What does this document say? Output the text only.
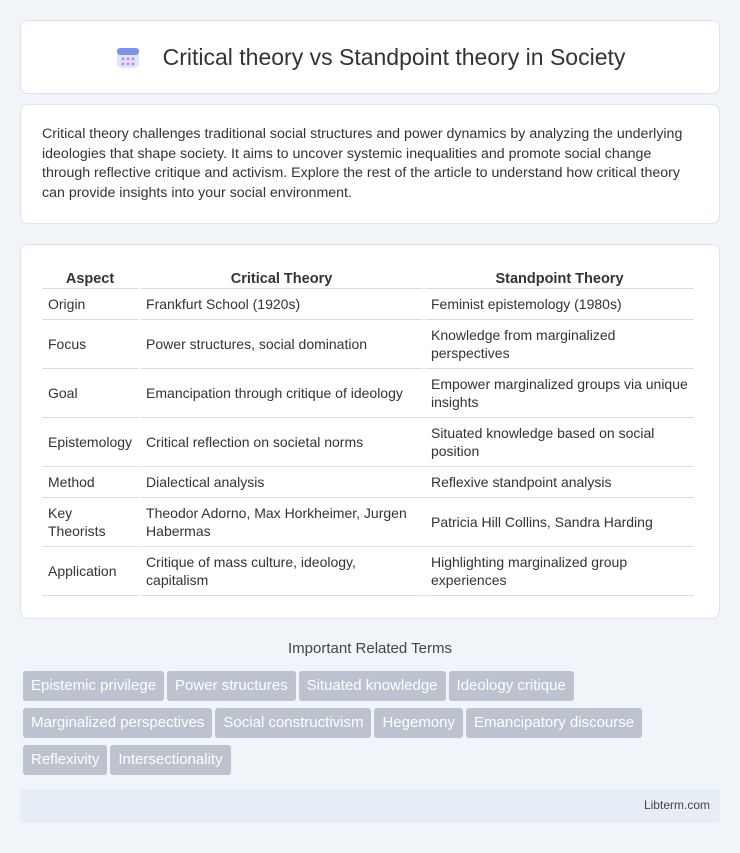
Critical theory vs Standpoint theory in Society

Critical theory challenges traditional social structures and power dynamics by analyzing the underlying ideologies that shape society. It aims to uncover systemic inequalities and promote social change through reflective critique and activism. Explore the rest of the article to understand how critical theory can provide insights into your social environment.

Aspect	Critical Theory	Standpoint Theory
Origin	Frankfurt School (1920s)	Feminist epistemology (1980s)
Focus	Power structures, social domination	Knowledge from marginalized perspectives
Goal	Emancipation through critique of ideology	Empower marginalized groups via unique insights
Epistemology	Critical reflection on societal norms	Situated knowledge based on social position
Method	Dialectical analysis	Reflexive standpoint analysis
Key Theorists	Theodor Adorno, Max Horkheimer, Jurgen Habermas	Patricia Hill Collins, Sandra Harding
Application	Critique of mass culture, ideology, capitalism	Highlighting marginalized group experiences
Important Related Terms
Epistemic privilege Power structures Situated knowledge Ideology critique
Marginalized perspectives Social constructivism Hegemony Emancipatory discourse
Reflexivity Intersectionality
Libterm.com
